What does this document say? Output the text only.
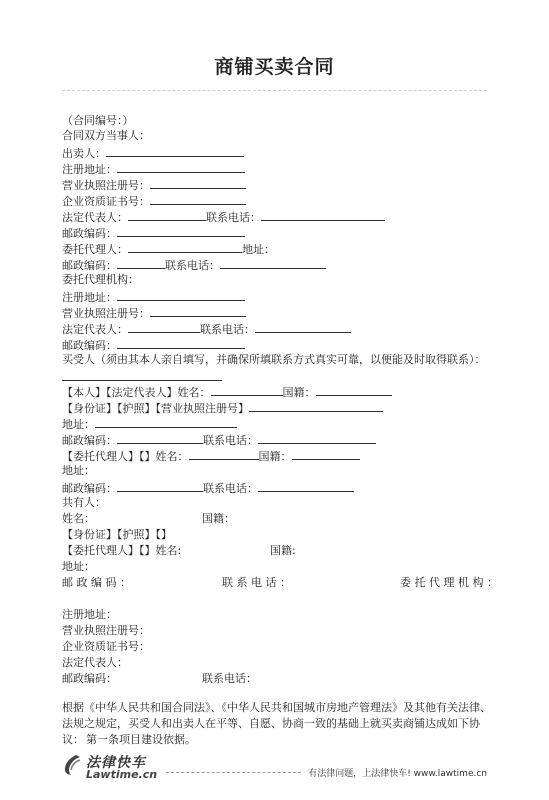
商铺买卖合同
（合同编号：）
合同双方当事人：
出卖人：
注册地址：
营业执照注册号：
企业资质证书号：
法定代表人：	联系电话：
邮政编码：
委托代理人：	地址：
邮政编码：	联系电话：
委托代理机构：
注册地址：
营业执照注册号：
法定代表人：	联系电话：
邮政编码：
买受人（须由其本人亲自填写，并确保所填联系方式真实可靠，以便能及时取得联系）：
【本人】【法定代表人】姓名：	国籍：
【身份证】【护照】【营业执照注册号】
地址：
邮政编码：	联系电话：
【委托代理人】【】姓名：	国籍：
地址：
邮政编码：	联系电话：
共有人：
姓名：	国籍：
【身份证】【护照】【】
【委托代理人】【】姓名:	国籍:
地址：
邮 政 编 码 ：	联 系 电 话 ：	委 托 代 理 机 构 ：
注册地址：
营业执照注册号：
企业资质证书号：
法定代表人：
邮政编码：	联系电话：
根据《中华人民共和国合同法》、《中华人民共和国城市房地产管理法》及其他有关法律、法规之规定，买受人和出卖人在平等、自愿、协商一致的基础上就买卖商铺达成如下协议： 第一条项目建设依据。
法律快车
Lawtime.cn	有法律问题，上法律快车! www.lawtime.cn
